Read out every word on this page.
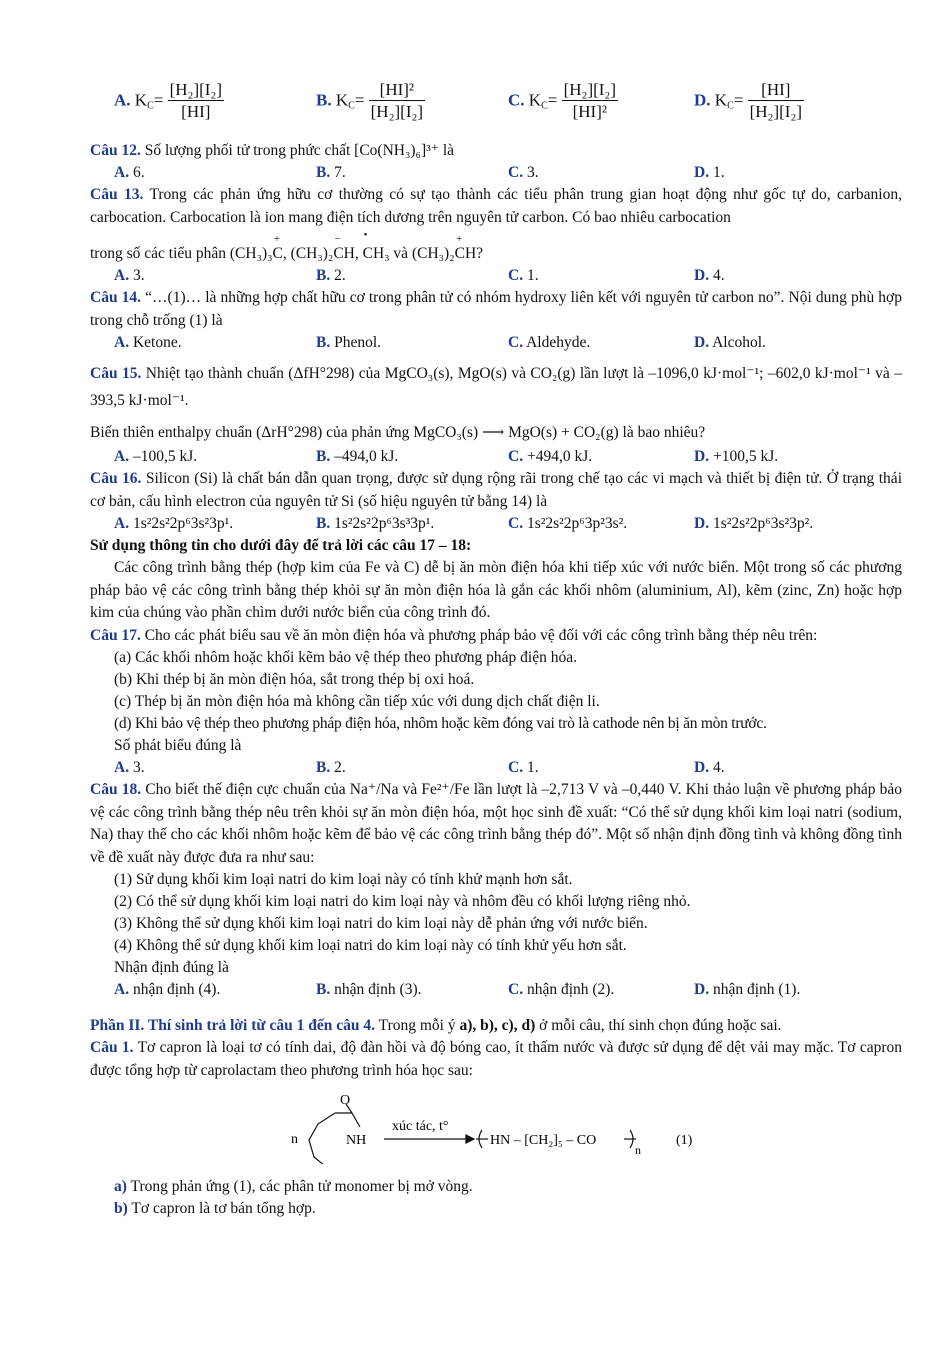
A. $K_C= \frac{\text{[H₂][I₂]}}{[HI]}$	B. $K_C= \frac{\text{[HI]²}}{\text{[H₂][I₂]}}$	C. $K_C= \frac{\text{[H₂][I₂]}}{\text{[HI]²}}$	D. $K_C= \frac{[HI]}{\text{[H₂][I₂]}}$
Câu 12. Số lượng phối tử trong phức chất [Co(NH₃)₆]³⁺ là
A. 6.	B. 7.	C. 3.	D. 1.
Câu 13. Trong các phản ứng hữu cơ thường có sự tạo thành các tiểu phân trung gian hoạt động như gốc tự do, carbanion, carbocation. Carbocation là ion mang điện tích dương trên nguyên tử carbon. Có bao nhiêu carbocation
trong số các tiểu phân
+
(CH₃)₃C,
−
(CH₃)₂CH,
•
CH₃ và
+
(CH₃)₂CH?
A. 3.	B. 2.	C. 1.	D. 4.
Câu 14. “…(1)… là những hợp chất hữu cơ trong phân tử có nhóm hydroxy liên kết với nguyên tử carbon no”. Nội dung phù hợp trong chỗ trống (1) là
A. Ketone.	B. Phenol.	C. Aldehyde.	D. Alcohol.
Câu 15. Nhiệt tạo thành chuẩn (ΔfH°298) của MgCO₃(s), MgO(s) và CO₂(g) lần lượt là –1096,0 kJ·mol⁻¹; –602,0 kJ·mol⁻¹ và –393,5 kJ·mol⁻¹.
Biến thiên enthalpy chuẩn (ΔrH°298) của phản ứng MgCO₃(s) ⟶ MgO(s) + CO₂(g) là bao nhiêu?
A. –100,5 kJ.	B. –494,0 kJ.	C. +494,0 kJ.	D. +100,5 kJ.
Câu 16. Silicon (Si) là chất bán dẫn quan trọng, được sử dụng rộng rãi trong chế tạo các vi mạch và thiết bị điện tử. Ở trạng thái cơ bản, cấu hình electron của nguyên tử Si (số hiệu nguyên tử bằng 14) là
A. 1s²2s²2p⁶3s²3p¹.	B. 1s²2s²2p⁶3s³3p¹.	C. 1s²2s²2p⁶3p²3s².	D. 1s²2s²2p⁶3s²3p².
Sử dụng thông tin cho dưới đây để trả lời các câu 17 – 18:
Các công trình bằng thép (hợp kim của Fe và C) dễ bị ăn mòn điện hóa khi tiếp xúc với nước biển. Một trong số các phương pháp bảo vệ các công trình bằng thép khỏi sự ăn mòn điện hóa là gắn các khối nhôm (aluminium, Al), kẽm (zinc, Zn) hoặc hợp kim của chúng vào phần chìm dưới nước biển của công trình đó.
Câu 17. Cho các phát biểu sau về ăn mòn điện hóa và phương pháp bảo vệ đối với các công trình bằng thép nêu trên:
(a) Các khối nhôm hoặc khối kẽm bảo vệ thép theo phương pháp điện hóa.
(b) Khi thép bị ăn mòn điện hóa, sắt trong thép bị oxi hoá.
(c) Thép bị ăn mòn điện hóa mà không cần tiếp xúc với dung dịch chất điện li.
(d) Khi bảo vệ thép theo phương pháp điện hóa, nhôm hoặc kẽm đóng vai trò là cathode nên bị ăn mòn trước.
Số phát biểu đúng là
A. 3.	B. 2.	C. 1.	D. 4.
Câu 18. Cho biết thế điện cực chuẩn của Na⁺/Na và Fe²⁺/Fe lần lượt là –2,713 V và –0,440 V. Khi thảo luận về phương pháp bảo vệ các công trình bằng thép nêu trên khỏi sự ăn mòn điện hóa, một học sinh đề xuất: “Có thể sử dụng khối kim loại natri (sodium, Na) thay thế cho các khối nhôm hoặc kẽm để bảo vệ các công trình bằng thép đó”. Một số nhận định đồng tình và không đồng tình về đề xuất này được đưa ra như sau:
(1) Sử dụng khối kim loại natri do kim loại này có tính khử mạnh hơn sắt.
(2) Có thể sử dụng khối kim loại natri do kim loại này và nhôm đều có khối lượng riêng nhỏ.
(3) Không thể sử dụng khối kim loại natri do kim loại này dễ phản ứng với nước biển.
(4) Không thể sử dụng khối kim loại natri do kim loại này có tính khử yếu hơn sắt.
Nhận định đúng là
A. nhận định (4).	B. nhận định (3).	C. nhận định (2).	D. nhận định (1).
Phần II. Thí sinh trả lời từ câu 1 đến câu 4. Trong mỗi ý a), b), c), d) ở mỗi câu, thí sinh chọn đúng hoặc sai.
Câu 1. Tơ capron là loại tơ có tính dai, độ đàn hồi và độ bóng cao, ít thấm nước và được sử dụng để dệt vải may mặc. Tơ capron được tổng hợp từ caprolactam theo phương trình hóa học sau:
n
O
NH
xúc tác, t°
HN – [CH₂]₅ – CO
n
(1)
a) Trong phản ứng (1), các phân tử monomer bị mở vòng.
b) Tơ capron là tơ bán tổng hợp.
